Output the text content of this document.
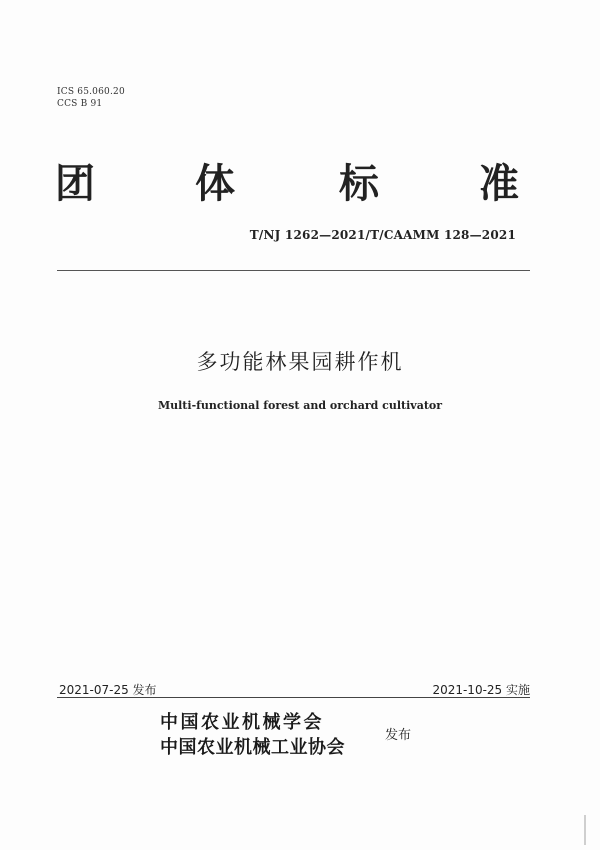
ICS 65.060.20
CCS B 91
团	体	标	准
T/NJ 1262—2021/T/CAAMM 128—2021
多功能林果园耕作机
Multi-functional forest and orchard cultivator
2021-07-25 发布	2021-10-25 实施
中国农业机械学会
中国农业机械工业协会
发布
